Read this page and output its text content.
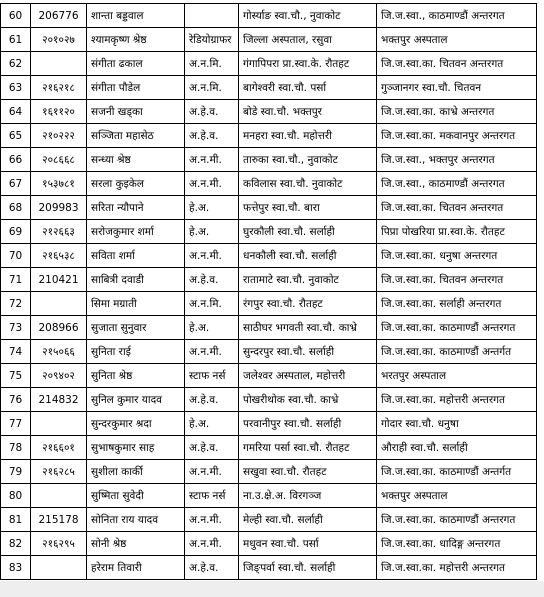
60	206776	शान्ता बड्डवाल		गोर्स्याङ स्वा.चौ., नुवाकोट	जि.ज.स्वा., काठमाण्डौं अन्तरगत
61	२०१०२७	श्यामकृष्ण श्रेष्ठ	रेडियोग्राफर	जिल्ला अस्पताल, रसुवा	भक्तपुर अस्पताल
62		संगीता ढकाल	अ.न.मि.	गंगापिपरा प्रा.स्वा.के. रौतहट	जि.ज.स्वा.का. चितवन अन्तरगत
63	२१६२१८	संगीता पौडेल	अ.न.मि.	बागेश्वरी स्वा.चौ. पर्सा	गुञ्जानगर स्वा.चौ. चितवन
64	१६११२०	सजनी खड्का	अ.हे.व.	बोडे स्वा.चौ. भक्तपुर	जि.ज.स्वा.का. काभ्रे अन्तरगत
65	२१०२२२	सञ्जिता महासेठ	अ.हे.व.	मनहरा स्वा.चौ. महोत्तरी	जि.ज.स्वा.का. मकवानपुर अन्तरगत
66	२०८६६८	सन्ध्या श्रेष्ठ	अ.न.मी.	तारुका स्वा.चौ., नुवाकोट	जि.ज.स्वा., भक्तपुर अन्तरगत
67	१५३७८१	सरला कुइकेल	अ.न.मी.	कविलास स्वा.चौ. नुवाकोट	जि.ज.स्वा., काठमाण्डौं अन्तरगत
68	209983	सरिता न्यौपाने	हे.अ.	फत्तेपुर स्वा.चौ. बारा	जि.ज.स्वा.का. चितवन अन्तरगत
69	२१२६६३	सरोजकुमार शर्मा	हे.अ.	घुरकौली स्वा.चौ. सर्लाही	पिप्रा पोखरिया प्रा.स्वा.के. रौतहट
70	२१६५३८	सविता शर्मा	अ.न.मी.	धनकौली स्वा.चौ. सर्लाही	जि.ज.स्वा.का. धनुषा अन्तरगत
71	210421	साबित्री दवाडी	अ.हे.व.	रातामाटे स्वा.चौ. नुवाकोट	जि.ज.स्वा.का. चितवन अन्तरगत
72		सिमा मग्राती	अ.न.मि.	रंगपुर स्वा.चौ. रौतहट	जि.ज.स्वा.का. सर्लाही अन्तरगत
73	208966	सुजाता सुनुवार	हे.अ.	साठीघर भगवती स्वा.चौ. काभ्रे	जि.ज.स्वा.का. काठमाण्डौं अन्तरगत
74	२१५०६६	सुनिता राई	अ.न.मी.	सुन्दरपुर स्वा.चौ. सर्लाही	जि.ज.स्वा.का. काठमाण्डौं अन्तर्गत
75	२०९४०२	सुनिता श्रेष्ठ	स्टाफ नर्स	जलेश्वर अस्पताल, महोत्तरी	भरतपुर अस्पताल
76	214832	सुनिल कुमार यादव	अ.हे.व.	पोखरीथोक स्वा.चौ. काभ्रे	जि.ज.स्वा.का. महोत्तरी अन्तरगत
77		सुन्दरकुमार श्रदा	हे.अ.	परवानीपुर स्वा.चौ. सर्लाही	गोदार स्वा.चौ. धनुषा
78	२१६६०१	सुभाषकुमार साह	अ.हे.व.	गमरिया पर्सा स्वा.चौ. रौतहट	औराही स्वा.चौ. सर्लाही
79	२१६२८५	सुशीला कार्की	अ.न.मी.	सखुवा स्वा.चौ. रौतहट	जि.ज.स्वा.का. काठमाण्डौं अन्तर्गत
80		सुष्मिता सुवेदी	स्टाफ नर्स	ना.उ.क्षे.अ. विरगञ्ज	भक्तपुर अस्पताल
81	215178	सोनिता राय यादव	अ.न.मी.	मेल्ही स्वा.चौ. सर्लाही	जि.ज.स्वा.का. काठमाण्डौं अन्तरगत
82	२१६२९५	सोनी श्रेष्ठ	अ.न.मी.	मधुवन स्वा.चौ. पर्सा	जि.ज.स्वा.का. धादिङ्ग अन्तरगत
83		हरेराम तिवारी	अ.हे.व.	जिङ्पर्वा स्वा.चौ. सर्लाही	जि.ज.स्वा.का. महोत्तरी अन्तरगत
